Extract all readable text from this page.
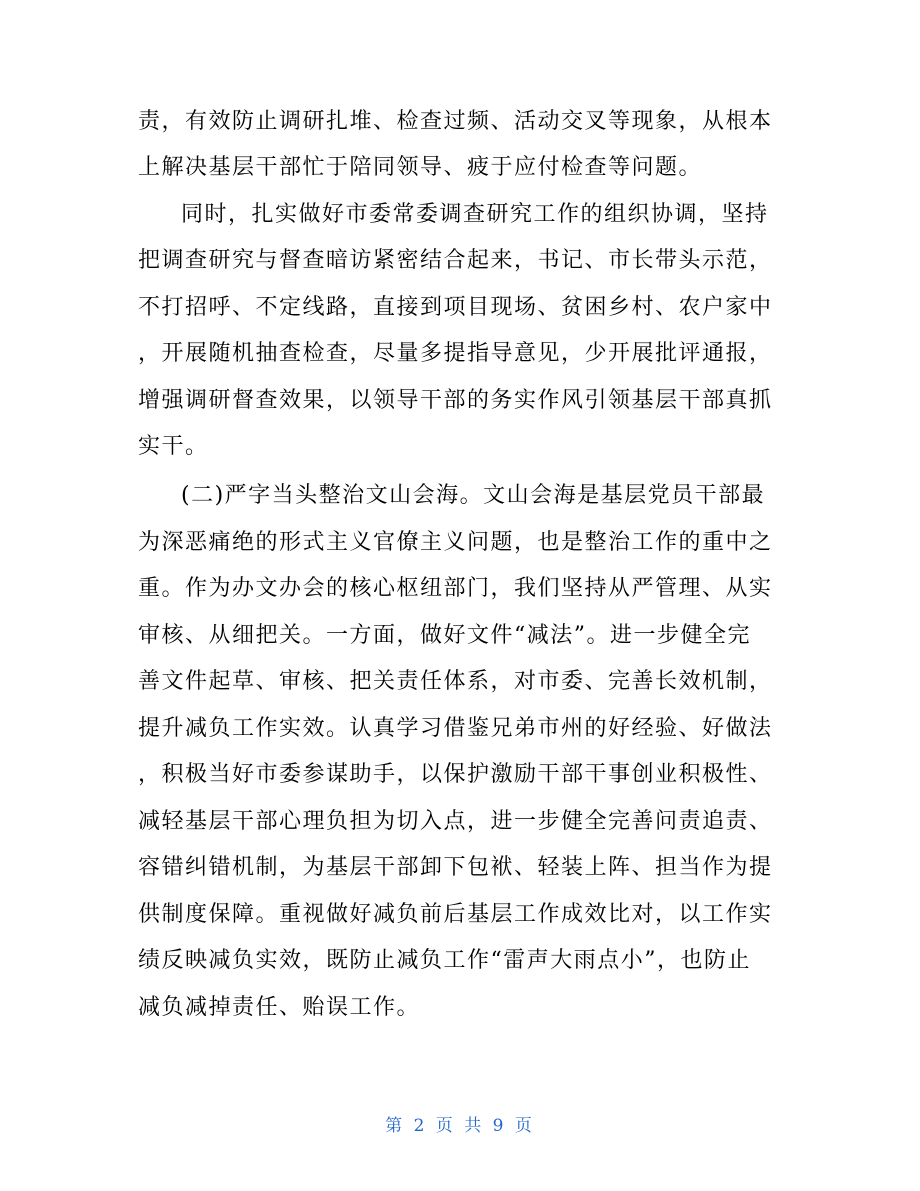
责，有效防止调研扎堆、检查过频、活动交叉等现象，从根本
上解决基层干部忙于陪同领导、疲于应付检查等问题。
同时，扎实做好市委常委调查研究工作的组织协调，坚持
把调查研究与督查暗访紧密结合起来，书记、市长带头示范，
不打招呼、不定线路，直接到项目现场、贫困乡村、农户家中
，开展随机抽查检查，尽量多提指导意见，少开展批评通报，
增强调研督查效果，以领导干部的务实作风引领基层干部真抓
实干。
(二)严字当头整治文山会海。文山会海是基层党员干部最
为深恶痛绝的形式主义官僚主义问题，也是整治工作的重中之
重。作为办文办会的核心枢纽部门，我们坚持从严管理、从实
审核、从细把关。一方面，做好文件“减法”。进一步健全完
善文件起草、审核、把关责任体系，对市委、完善长效机制，
提升减负工作实效。认真学习借鉴兄弟市州的好经验、好做法
，积极当好市委参谋助手，以保护激励干部干事创业积极性、
减轻基层干部心理负担为切入点，进一步健全完善问责追责、
容错纠错机制，为基层干部卸下包袱、轻装上阵、担当作为提
供制度保障。重视做好减负前后基层工作成效比对，以工作实
绩反映减负实效，既防止减负工作“雷声大雨点小”，也防止
减负减掉责任、贻误工作。
第 2 页 共 9 页
